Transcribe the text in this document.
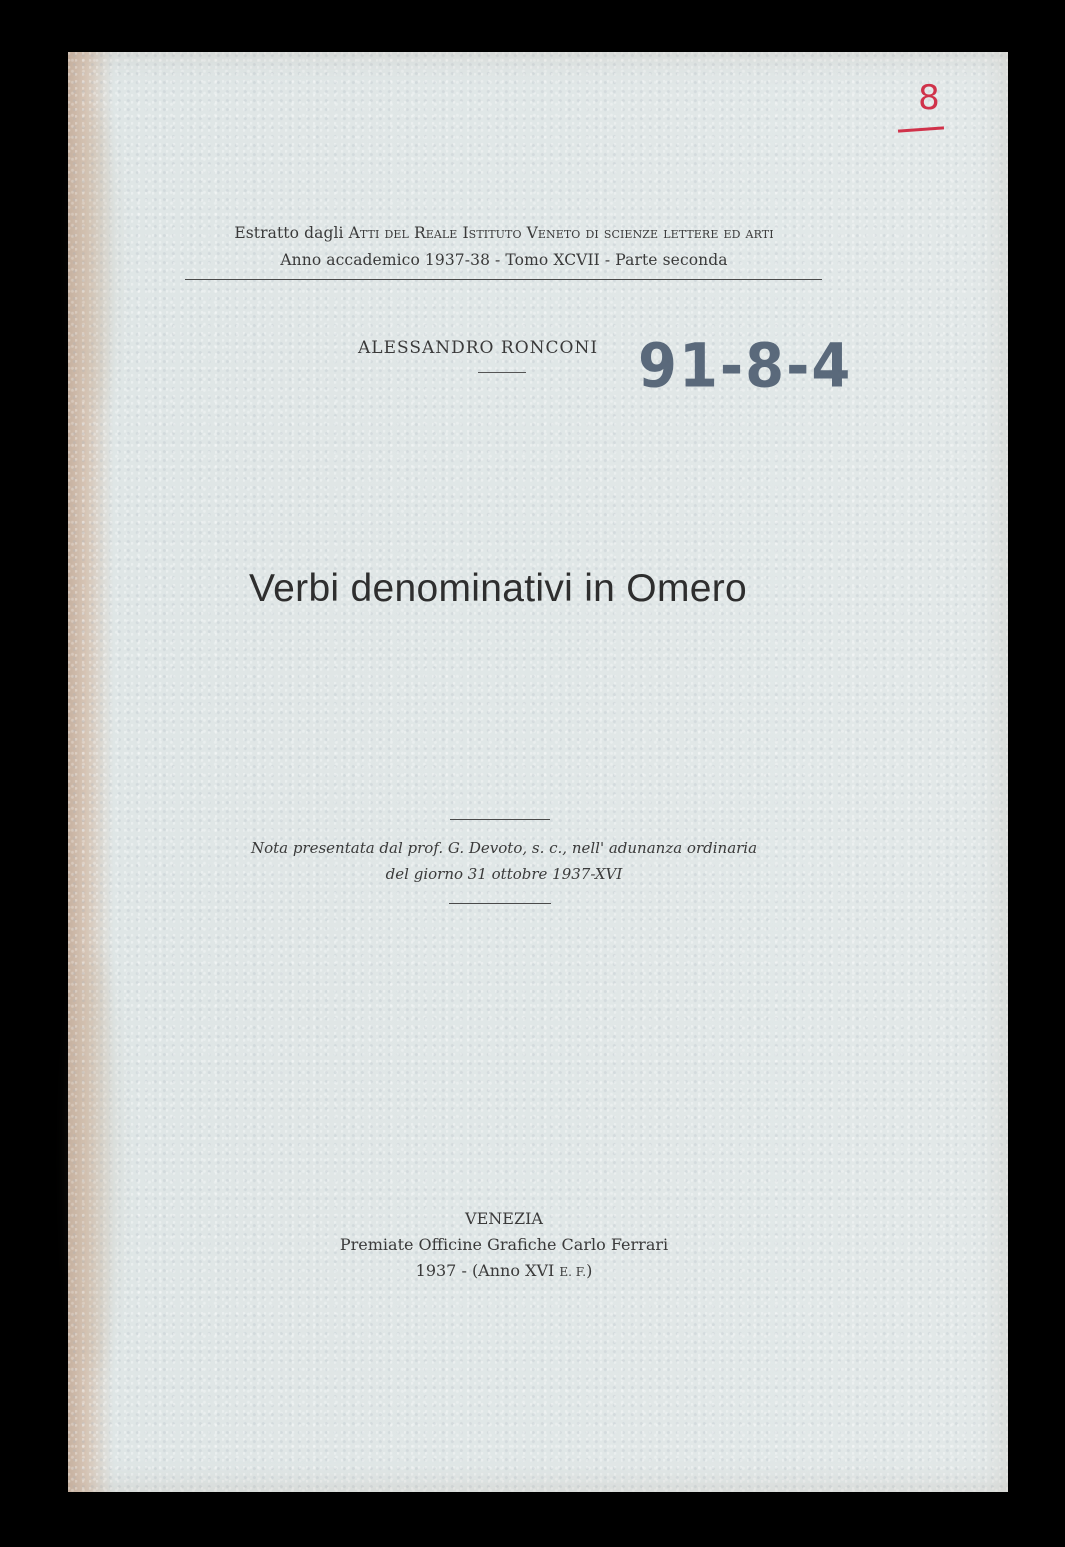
8
Estratto dagli Atti del Reale Istituto Veneto di scienze lettere ed arti
Anno accademico 1937-38 - Tomo XCVII - Parte seconda
ALESSANDRO RONCONI 91-8-4
Verbi denominativi in Omero
Nota presentata dal prof. G. Devoto, s. c., nell' adunanza ordinaria
del giorno 31 ottobre 1937-XVI
VENEZIA
Premiate Officine Grafiche Carlo Ferrari
1937 - (Anno XVI E. F.)
